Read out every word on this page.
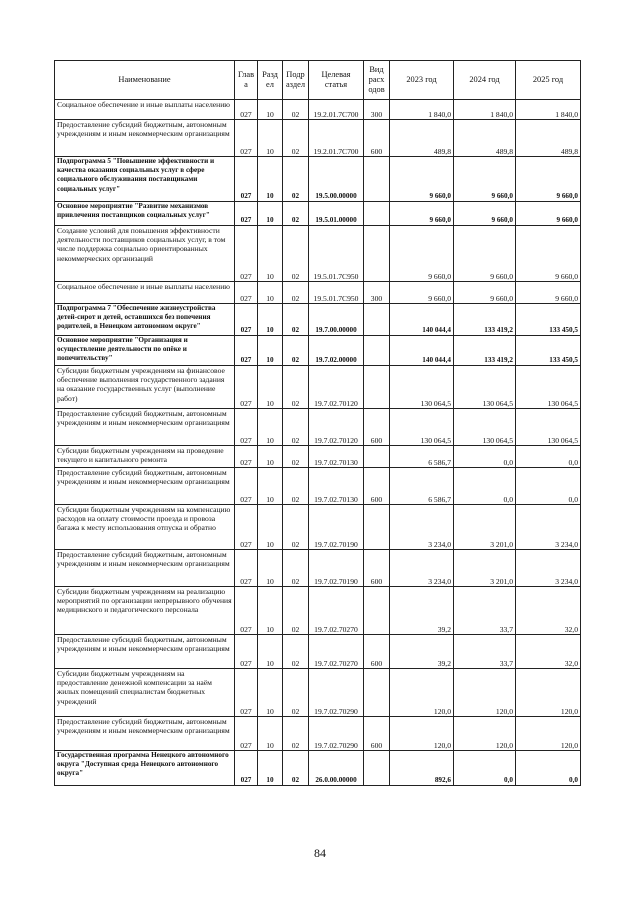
Наименование	Глав а	Разд ел	Подр аздел	Целевая статья	Вид расх одов	2023 год	2024 год	2025 год
Социальное обеспечение и иные выплаты населению	027	10	02	19.2.01.7С700	300	1 840,0	1 840,0	1 840,0
Предоставление субсидий бюджетным, автономным учреждениям и иным некоммерческим организациям	027	10	02	19.2.01.7С700	600	489,8	489,8	489,8
Подпрограмма 5 "Повышение эффективности и качества оказания социальных услуг в сфере социального обслуживания поставщиками социальных услуг"	027	10	02	19.5.00.00000		9 660,0	9 660,0	9 660,0
Основное мероприятие "Развитие механизмов привлечения поставщиков социальных услуг"	027	10	02	19.5.01.00000		9 660,0	9 660,0	9 660,0
Создание условий для повышения эффективности деятельности поставщиков социальных услуг, в том числе поддержка социально ориентированных некоммерческих организаций	027	10	02	19.5.01.7С950		9 660,0	9 660,0	9 660,0
Социальное обеспечение и иные выплаты населению	027	10	02	19.5.01.7С950	300	9 660,0	9 660,0	9 660,0
Подпрограмма 7 "Обеспечение жизнеустройства детей-сирот и детей, оставшихся без попечения родителей, в Ненецком автономном округе"	027	10	02	19.7.00.00000		140 044,4	133 419,2	133 450,5
Основное мероприятие "Организация и осуществление деятельности по опёке и попечительству"	027	10	02	19.7.02.00000		140 044,4	133 419,2	133 450,5
Субсидии бюджетным учреждениям на финансовое обеспечение выполнения государственного задания на оказание государственных услуг (выполнение работ)	027	10	02	19.7.02.70120		130 064,5	130 064,5	130 064,5
Предоставление субсидий бюджетным, автономным учреждениям и иным некоммерческим организациям	027	10	02	19.7.02.70120	600	130 064,5	130 064,5	130 064,5
Субсидии бюджетным учреждениям на проведение текущего и капитального ремонта	027	10	02	19.7.02.70130		6 586,7	0,0	0,0
Предоставление субсидий бюджетным, автономным учреждениям и иным некоммерческим организациям	027	10	02	19.7.02.70130	600	6 586,7	0,0	0,0
Субсидии бюджетным учреждениям на компенсацию расходов на оплату стоимости проезда и провоза багажа к месту использования отпуска и обратно	027	10	02	19.7.02.70190		3 234,0	3 201,0	3 234,0
Предоставление субсидий бюджетным, автономным учреждениям и иным некоммерческим организациям	027	10	02	19.7.02.70190	600	3 234,0	3 201,0	3 234,0
Субсидии бюджетным учреждениям на реализацию мероприятий по организации непрерывного обучения медицинского и педагогического персонала	027	10	02	19.7.02.70270		39,2	33,7	32,0
Предоставление субсидий бюджетным, автономным учреждениям и иным некоммерческим организациям	027	10	02	19.7.02.70270	600	39,2	33,7	32,0
Субсидии бюджетным учреждениям на предоставление денежной компенсации за наём жилых помещений специалистам бюджетных учреждений	027	10	02	19.7.02.70290		120,0	120,0	120,0
Предоставление субсидий бюджетным, автономным учреждениям и иным некоммерческим организациям	027	10	02	19.7.02.70290	600	120,0	120,0	120,0
Государственная программа Ненецкого автономного округа "Доступная среда Ненецкого автономного округа"	027	10	02	26.0.00.00000		892,6	0,0	0,0
84
